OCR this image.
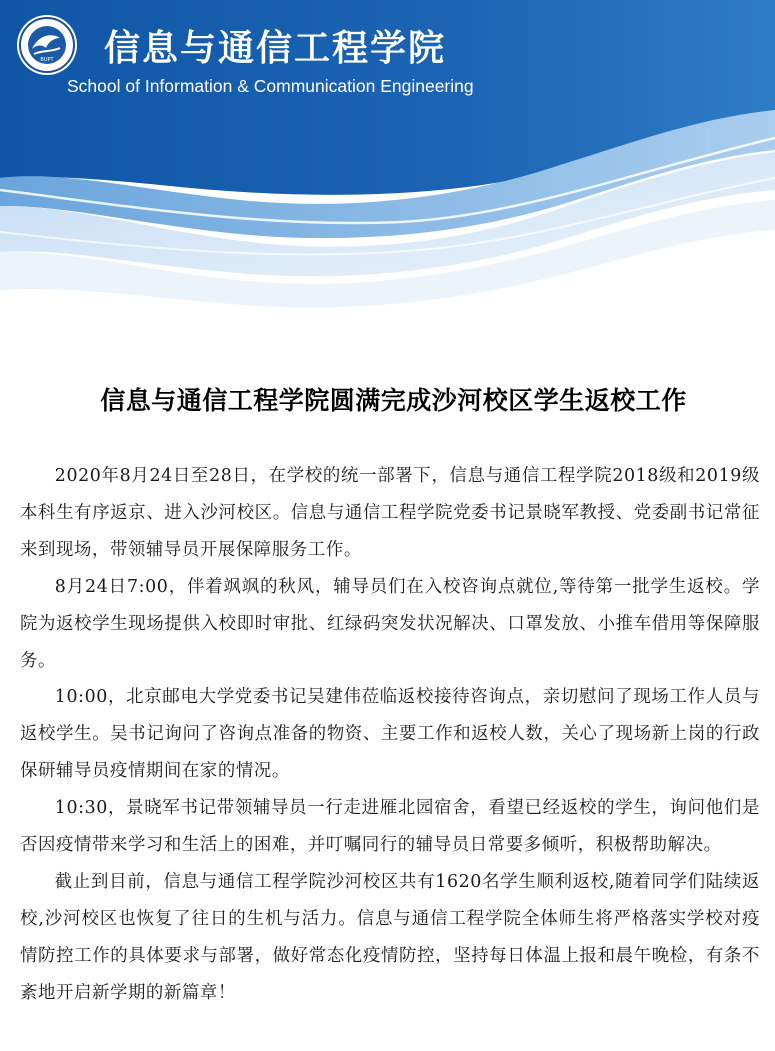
BUPT 信息与通信工程学院
School of Information & Communication Engineering
信息与通信工程学院圆满完成沙河校区学生返校工作

2020年8月24日至28日，在学校的统一部署下，信息与通信工程学院2018级和2019级本科生有序返京、进入沙河校区。信息与通信工程学院党委书记景晓军教授、党委副书记常征来到现场，带领辅导员开展保障服务工作。

8月24日7:00，伴着飒飒的秋风，辅导员们在入校咨询点就位,等待第一批学生返校。学院为返校学生现场提供入校即时审批、红绿码突发状况解决、口罩发放、小推车借用等保障服务。

10:00，北京邮电大学党委书记吴建伟莅临返校接待咨询点，亲切慰问了现场工作人员与返校学生。吴书记询问了咨询点准备的物资、主要工作和返校人数，关心了现场新上岗的行政保研辅导员疫情期间在家的情况。

10:30，景晓军书记带领辅导员一行走进雁北园宿舍，看望已经返校的学生，询问他们是否因疫情带来学习和生活上的困难，并叮嘱同行的辅导员日常要多倾听，积极帮助解决。

截止到目前，信息与通信工程学院沙河校区共有1620名学生顺利返校,随着同学们陆续返校,沙河校区也恢复了往日的生机与活力。信息与通信工程学院全体师生将严格落实学校对疫情防控工作的具体要求与部署，做好常态化疫情防控，坚持每日体温上报和晨午晚检，有条不紊地开启新学期的新篇章！
